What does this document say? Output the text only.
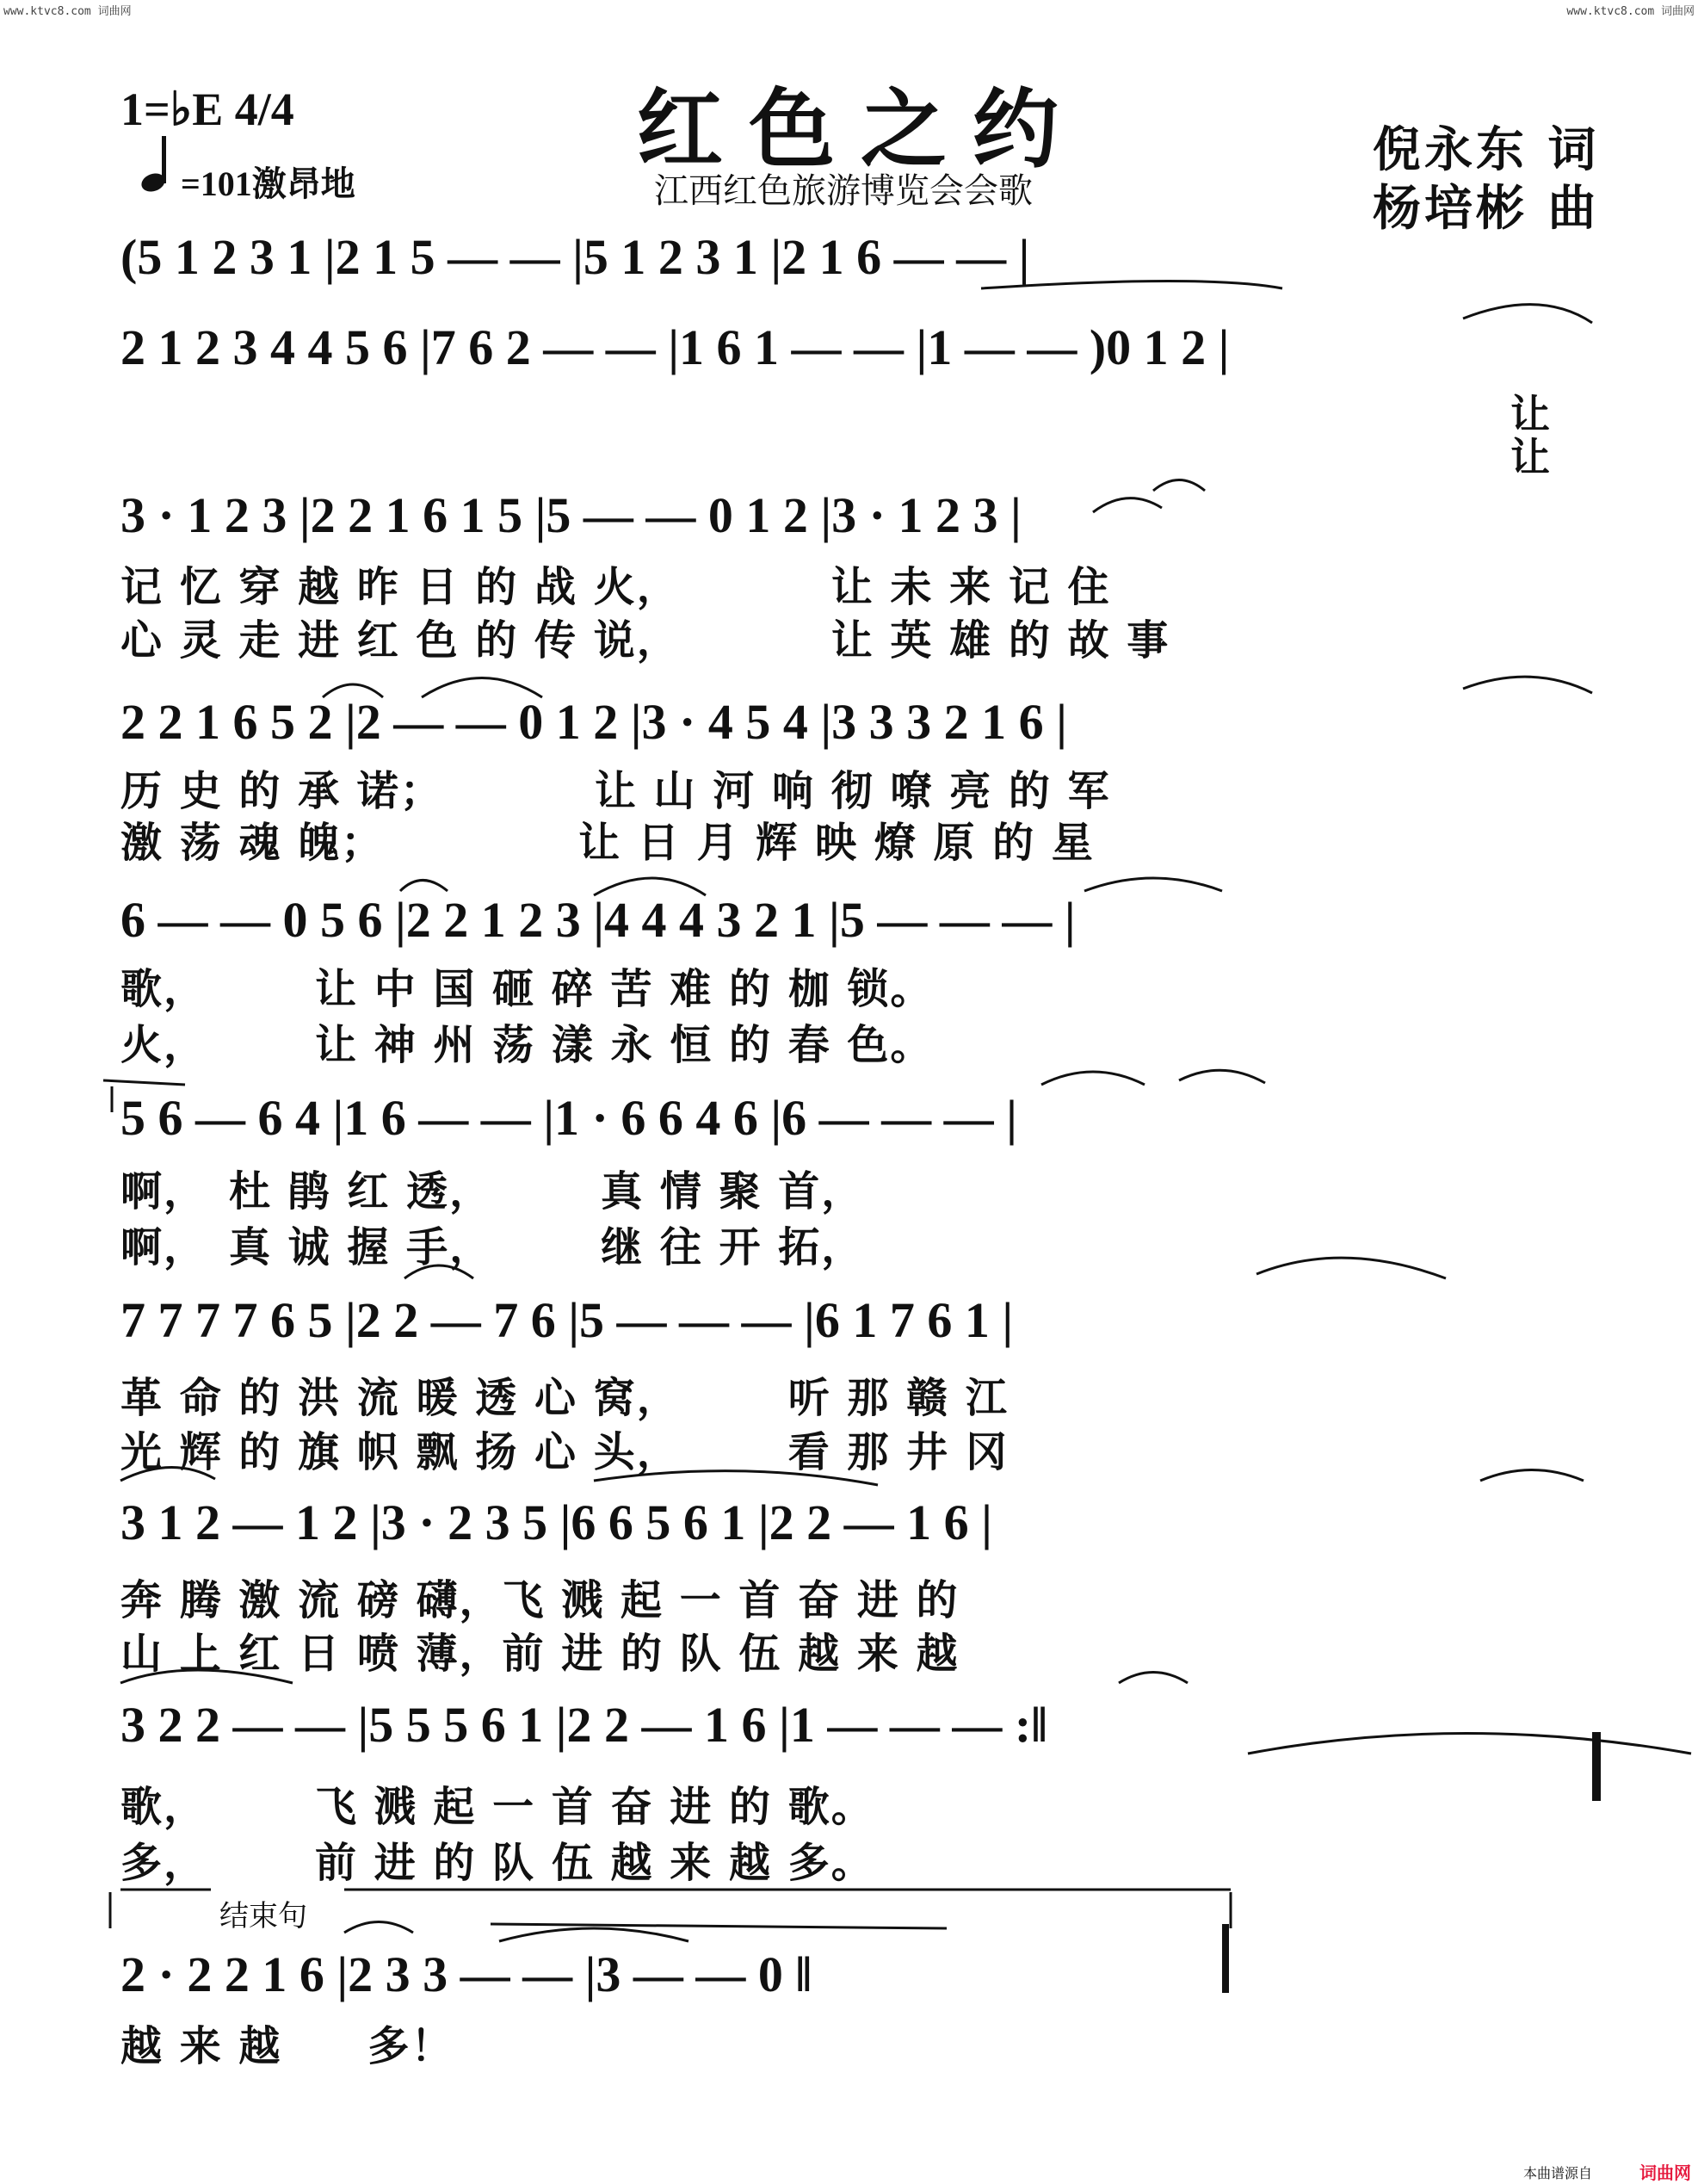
www.ktvc8.com 词曲网	www.ktvc8.com 词曲网
1=♭E 4/4
=101激昂地
红色之约
江西红色旅游博览会会歌
倪永东 词
杨培彬 曲
(5 1 2 3 1 |2 1 5 — — |5 1 2 3 1 |2 1 6 — — |
2 1 2 3 4 4 5 6 |7 6 2 — — |1 6 1 — — |1 — — )0 1 2 |
让
让
3 · 1 2 3 |2 2 1 6 1 5 |5 — — 0 1 2 |3 · 1 2 3 |
记 忆 穿 越 昨 日 的 战 火，　　　　让 未 来 记 住
心 灵 走 进 红 色 的 传 说，　　　　让 英 雄 的 故 事
2 2 1 6 5 2 |2 — — 0 1 2 |3 · 4 5 4 |3 3 3 2 1 6 |
历 史 的 承 诺；　　　　让 山 河 响 彻 嘹 亮 的 军
激 荡 魂 魄；　　　　　让 日 月 辉 映 燎 原 的 星
6 — — 0 5 6 |2 2 1 2 3 |4 4 4 3 2 1 |5 — — — |
歌，　　　让 中 国 砸 碎 苦 难 的 枷 锁。
火，　　　让 神 州 荡 漾 永 恒 的 春 色。
5 6 — 6 4 |1 6 — — |1 · 6 6 4 6 |6 — — — |
啊，　杜 鹃 红 透，　　　真 情 聚 首，
啊，　真 诚 握 手，　　　继 往 开 拓，
7 7 7 7 6 5 |2 2 — 7 6 |5 — — — |6 1 7 6 1 |
革 命 的 洪 流 暖 透 心 窝，　　　听 那 赣 江
光 辉 的 旗 帜 飘 扬 心 头，　　　看 那 井 冈
3 1 2 — 1 2 |3 · 2 3 5 |6 6 5 6 1 |2 2 — 1 6 |
奔 腾 激 流 磅 礴，飞 溅 起 一 首 奋 进 的
山 上 红 日 喷 薄，前 进 的 队 伍 越 来 越
3 2 2 — — |5 5 5 6 1 |2 2 — 1 6 |1 — — — :‖
歌，　　　飞 溅 起 一 首 奋 进 的 歌。
多，　　　前 进 的 队 伍 越 来 越 多。
结束句
2 · 2 2 1 6 |2 3 3 — — |3 — — 0 ‖
越 来 越　　多！
本曲谱源自	词曲网
